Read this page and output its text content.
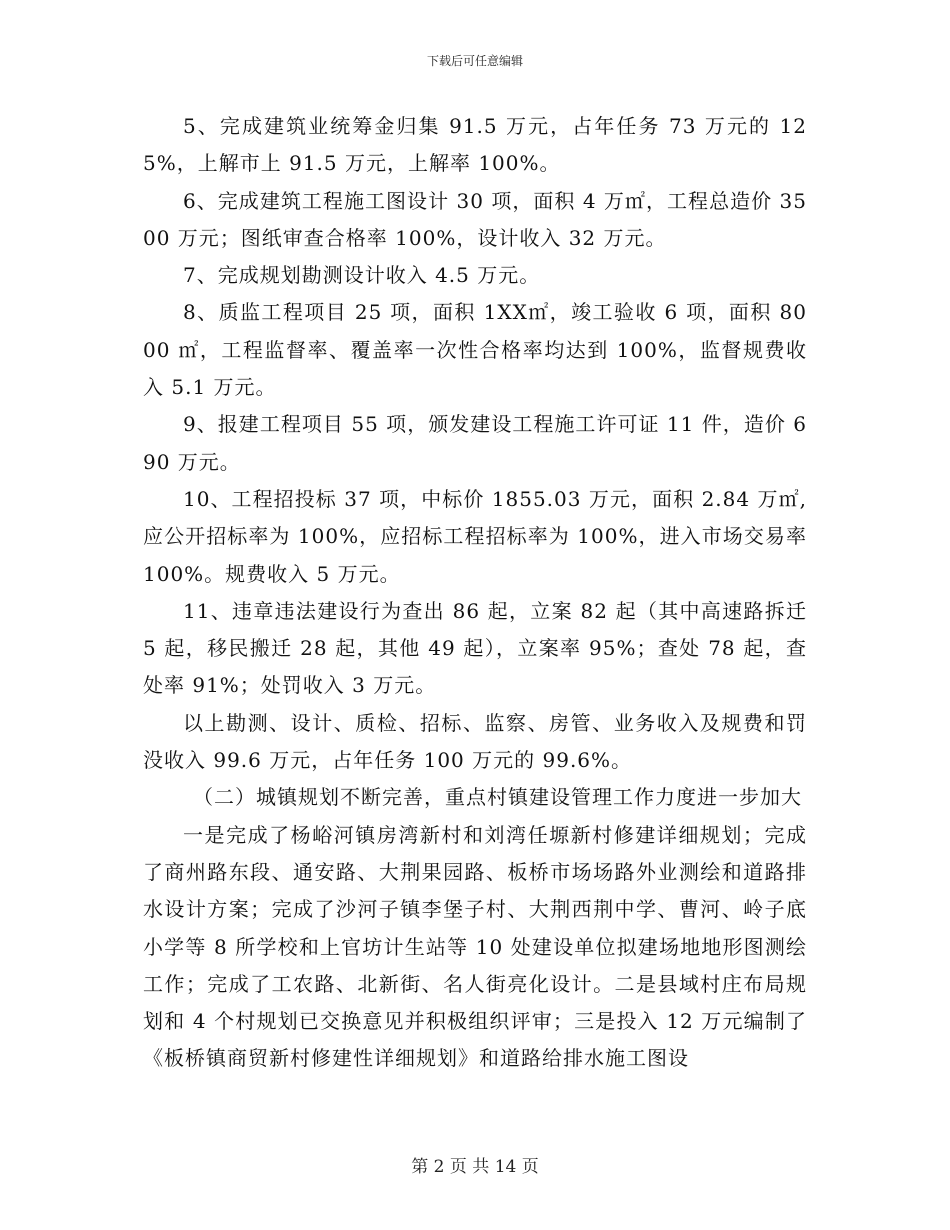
下载后可任意编辑

5、完成建筑业统筹金归集 91.5 万元，占年任务 73 万元的 125%，上解市上 91.5 万元，上解率 100%。

6、完成建筑工程施工图设计 30 项，面积 4 万㎡，工程总造价 3500 万元；图纸审查合格率 100%，设计收入 32 万元。

7、完成规划勘测设计收入 4.5 万元。

8、质监工程项目 25 项，面积 1XX㎡，竣工验收 6 项，面积 8000 ㎡，工程监督率、覆盖率一次性合格率均达到 100%，监督规费收入 5.1 万元。

9、报建工程项目 55 项，颁发建设工程施工许可证 11 件，造价 690 万元。

10、工程招投标 37 项，中标价 1855.03 万元，面积 2.84 万㎡,应公开招标率为 100%，应招标工程招标率为 100%，进入市场交易率 100%。规费收入 5 万元。

11、违章违法建设行为查出 86 起，立案 82 起（其中高速路拆迁 5 起，移民搬迁 28 起，其他 49 起），立案率 95%；查处 78 起，查处率 91%；处罚收入 3 万元。

以上勘测、设计、质检、招标、监察、房管、业务收入及规费和罚没收入 99.6 万元，占年任务 100 万元的 99.6%。

（二）城镇规划不断完善，重点村镇建设管理工作力度进一步加大

一是完成了杨峪河镇房湾新村和刘湾任塬新村修建详细规划；完成了商州路东段、通安路、大荆果园路、板桥市场场路外业测绘和道路排水设计方案；完成了沙河子镇李堡子村、大荆西荆中学、曹河、岭子底小学等 8 所学校和上官坊计生站等 10 处建设单位拟建场地地形图测绘工作；完成了工农路、北新街、名人街亮化设计。二是县域村庄布局规划和 4 个村规划已交换意见并积极组织评审；三是投入 12 万元编制了《板桥镇商贸新村修建性详细规划》和道路给排水施工图设

第 2 页 共 14 页
